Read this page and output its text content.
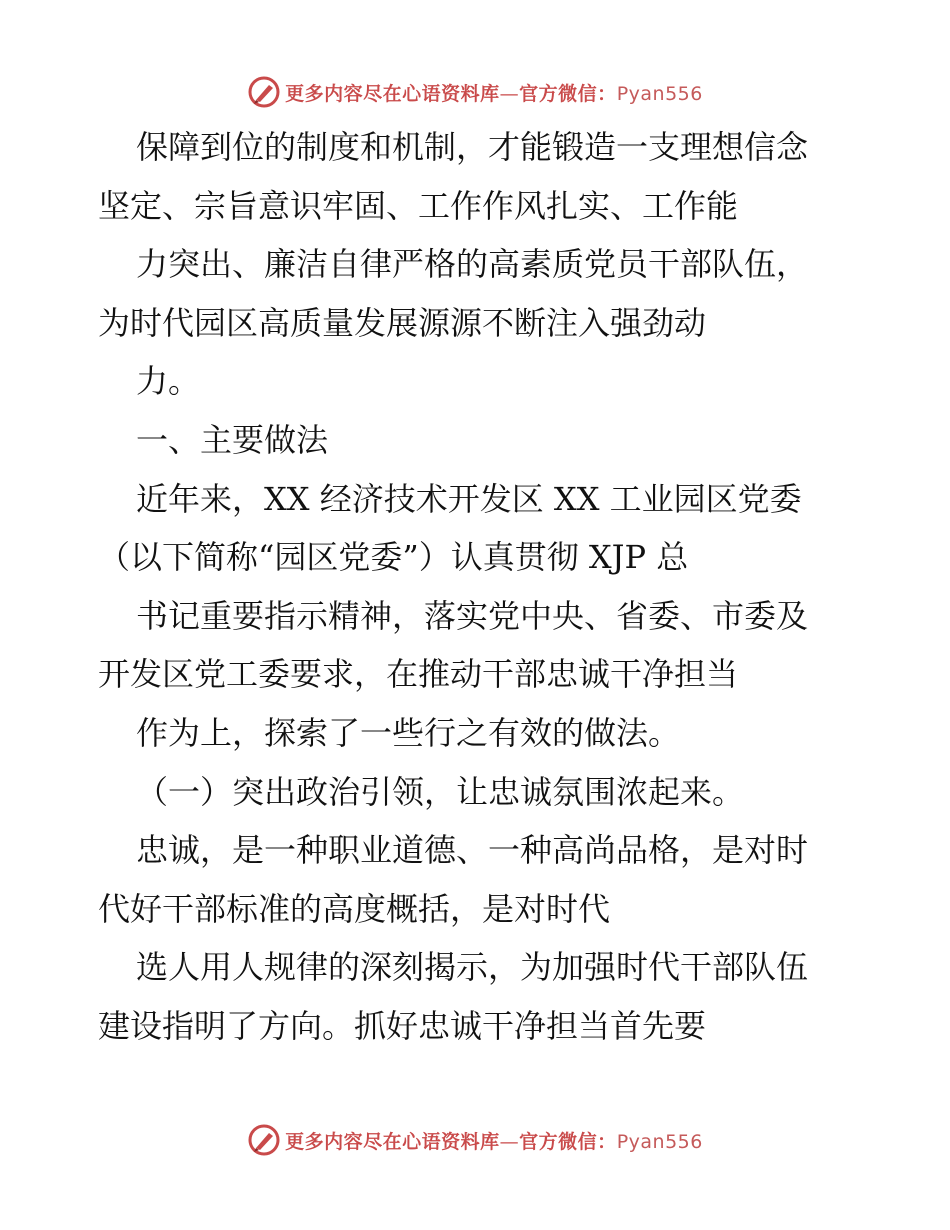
更多内容尽在心语资料库—官方微信：Pyan556
保障到位的制度和机制，才能锻造一支理想信念
坚定、宗旨意识牢固、工作作风扎实、工作能
力突出、廉洁自律严格的高素质党员干部队伍，
为时代园区高质量发展源源不断注入强劲动
力。
一、主要做法
近年来，XX 经济技术开发区 XX 工业园区党委
（以下简称“园区党委”）认真贯彻 XJP 总
书记重要指示精神，落实党中央、省委、市委及
开发区党工委要求，在推动干部忠诚干净担当
作为上，探索了一些行之有效的做法。
（一）突出政治引领，让忠诚氛围浓起来。
忠诚，是一种职业道德、一种高尚品格，是对时
代好干部标准的高度概括，是对时代
选人用人规律的深刻揭示，为加强时代干部队伍
建设指明了方向。抓好忠诚干净担当首先要
更多内容尽在心语资料库—官方微信：Pyan556
